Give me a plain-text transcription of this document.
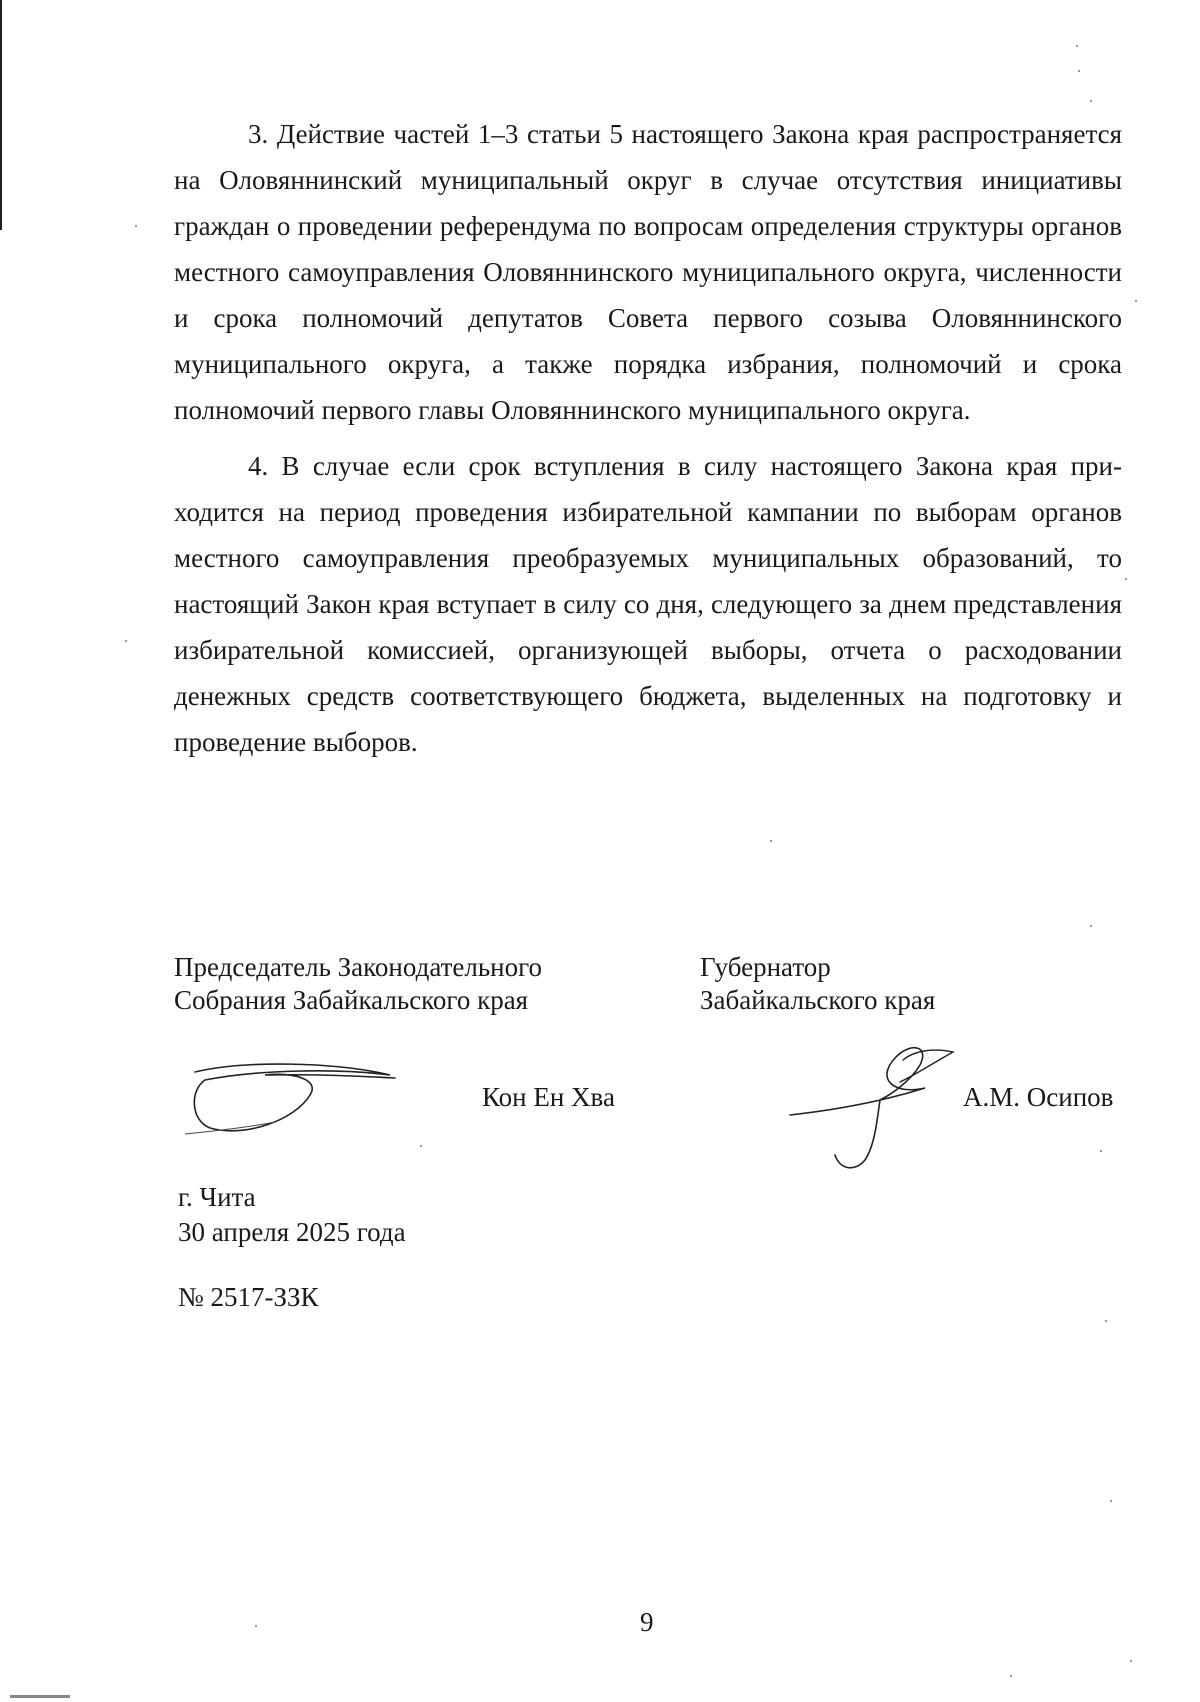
3. Действие частей 1–3 статьи 5 настоящего Закона края распространяется на Оловяннинский муниципальный округ в случае отсутствия инициативы граждан о проведении референдума по вопросам определения структуры органов местного самоуправления Оловяннинского муниципального округа, численности и срока полномочий депутатов Совета первого созыва Оловяннинского муниципального округа, а также порядка избрания, полномочий и срока полномочий первого главы Оловяннинского муниципального округа.

4. В случае если срок вступления в силу настоящего Закона края приходится на период проведения избирательной кампании по выборам органов местного самоуправления преобразуемых муниципальных образований, то настоящий Закон края вступает в силу со дня, следующего за днем представления избирательной комиссией, организующей выборы, отчета о расходовании денежных средств соответствующего бюджета, выделенных на подготовку и проведение выборов.

Председатель Законодательного
Собрания Забайкальского края
Губернатор
Забайкальского края
Кон Ен Хва	А.М. Осипов
г. Чита
30 апреля 2025 года
№ 2517-ЗЗК
9
